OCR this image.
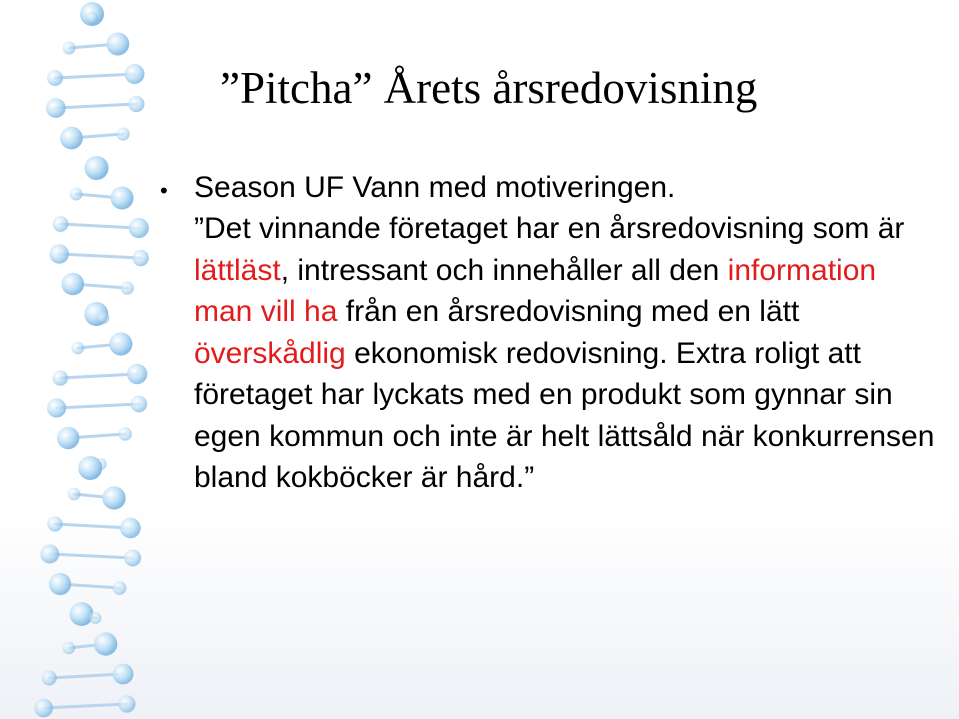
”Pitcha” Årets årsredovisning
• Season UF Vann med motiveringen.
”Det vinnande företaget har en årsredovisning som är lättläst, intressant och innehåller all den information man vill ha från en årsredovisning med en lätt överskådlig ekonomisk redovisning. Extra roligt att företaget har lyckats med en produkt som gynnar sin egen kommun och inte är helt lättsåld när konkurrensen bland kokböcker är hård.”
